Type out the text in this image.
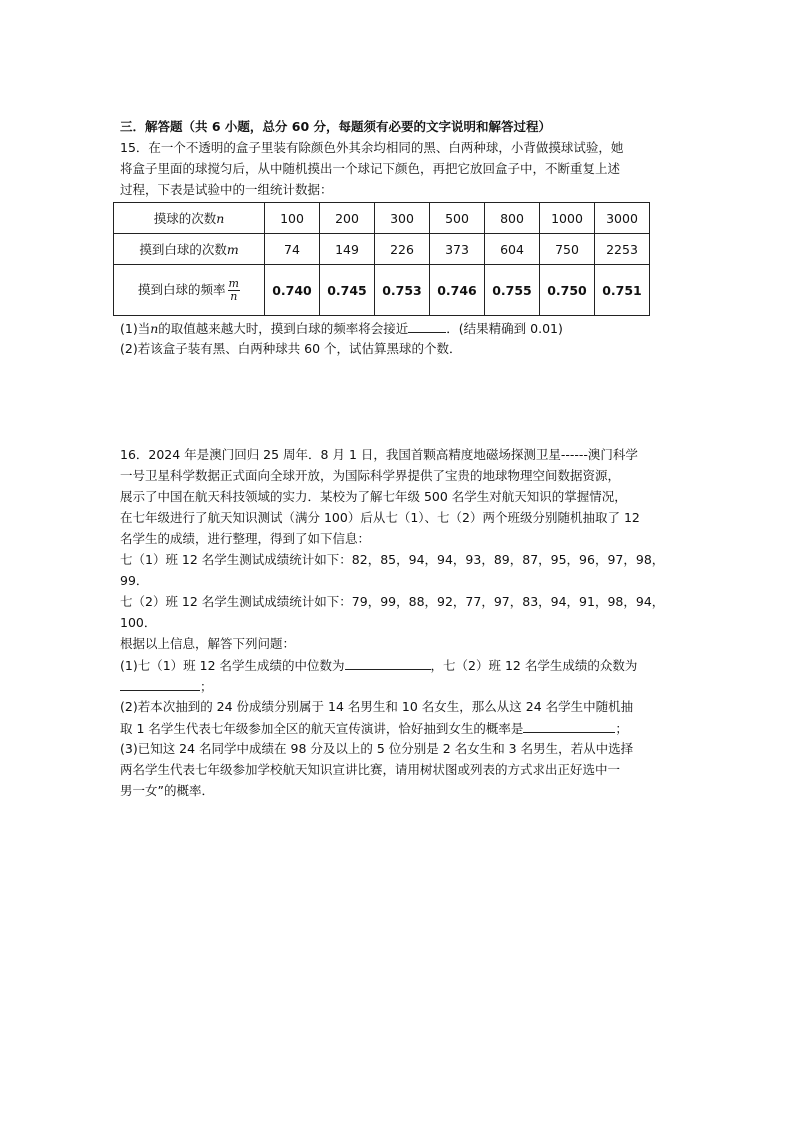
三．解答题（共 6 小题，总分 60 分，每题须有必要的文字说明和解答过程）
15．在一个不透明的盒子里装有除颜色外其余均相同的黑、白两种球，小背做摸球试验，她
将盒子里面的球搅匀后，从中随机摸出一个球记下颜色，再把它放回盒子中，不断重复上述
过程，下表是试验中的一组统计数据：
摸球的次数n	100	200	300	500	800	1000	3000
摸到白球的次数m	74	149	226	373	604	750	2253
摸到白球的频率 $\frac{m}{n}$	0.740	0.745	0.753	0.746	0.755	0.750	0.751
(1)当n的取值越来越大时，摸到白球的频率将会接近	．(结果精确到 0.01)
(2)若该盒子装有黑、白两种球共 60 个，试估算黑球的个数．
16．2024 年是澳门回归 25 周年．8 月 1 日，我国首颗高精度地磁场探测卫星------澳门科学
一号卫星科学数据正式面向全球开放，为国际科学界提供了宝贵的地球物理空间数据资源，
展示了中国在航天科技领域的实力．某校为了解七年级 500 名学生对航天知识的掌握情况，
在七年级进行了航天知识测试（满分 100）后从七（1）、七（2）两个班级分别随机抽取了 12
名学生的成绩，进行整理，得到了如下信息：
七（1）班 12 名学生测试成绩统计如下：82，85，94，94，93，89，87，95，96，97，98，
99．
七（2）班 12 名学生测试成绩统计如下：79，99，88，92，77，97，83，94，91，98，94，
100．
根据以上信息，解答下列问题：
(1)七（1）班 12 名学生成绩的中位数为	，七（2）班 12 名学生成绩的众数为
；
(2)若本次抽到的 24 份成绩分别属于 14 名男生和 10 名女生，那么从这 24 名学生中随机抽
取 1 名学生代表七年级参加全区的航天宣传演讲，恰好抽到女生的概率是	；
(3)已知这 24 名同学中成绩在 98 分及以上的 5 位分别是 2 名女生和 3 名男生，若从中选择
两名学生代表七年级参加学校航天知识宣讲比赛，请用树状图或列表的方式求出正好选中一
男一女”的概率．
